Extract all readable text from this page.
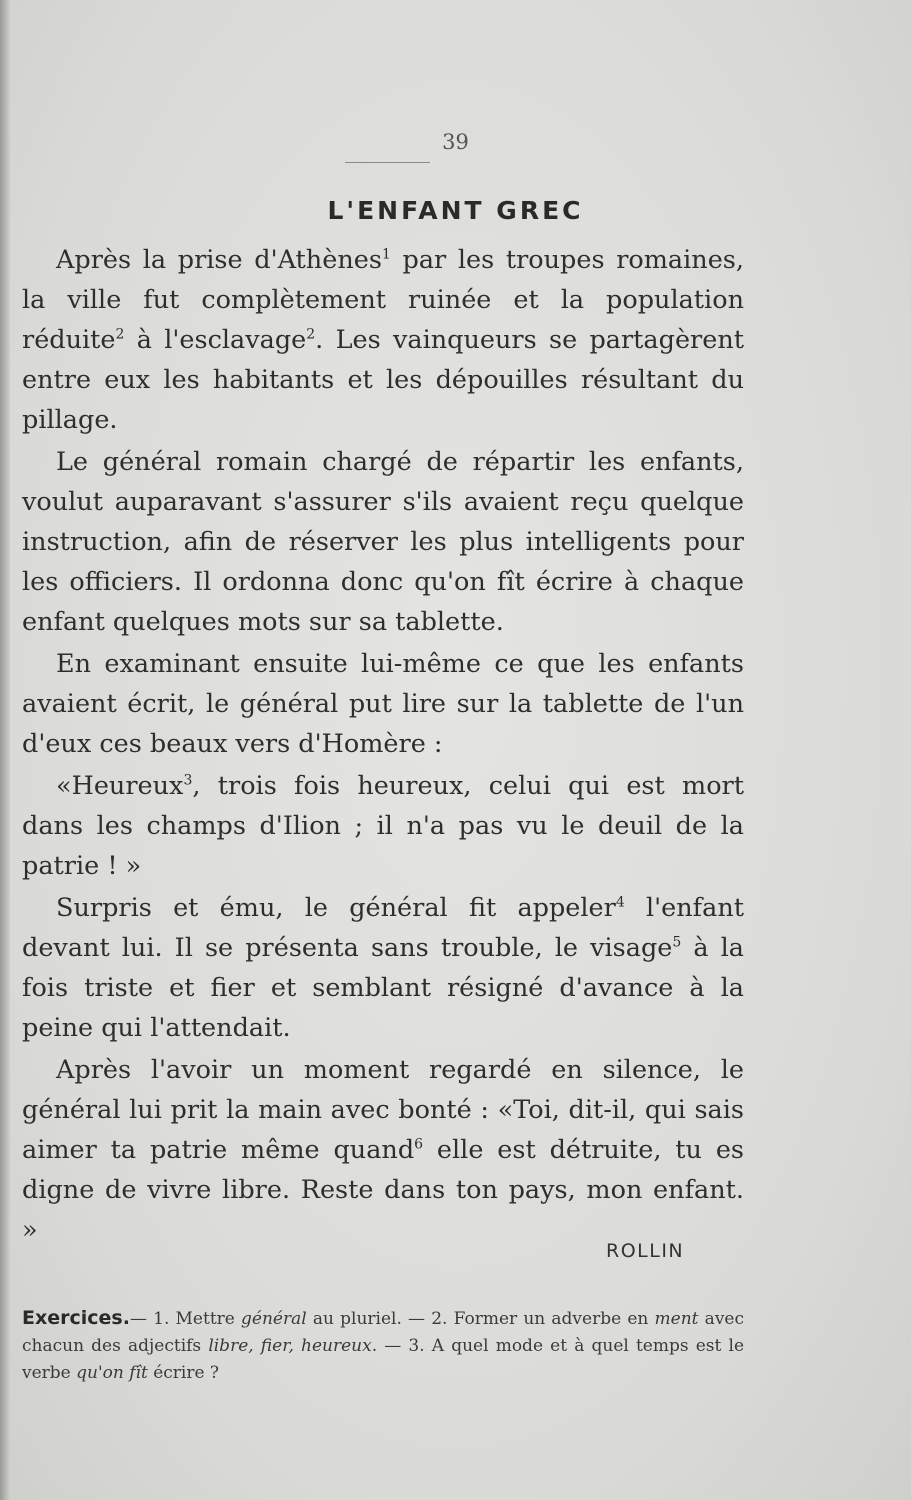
39
L'ENFANT GREC

Après la prise d'Athènes$^1$ par les troupes romaines, la ville fut complètement ruinée et la population réduite$^2$ à l'esclavage$^2$. Les vainqueurs se partagèrent entre eux les habitants et les dépouilles résultant du pillage.

Le général romain chargé de répartir les enfants, voulut auparavant s'assurer s'ils avaient reçu quelque instruction, afin de réserver les plus intelligents pour les officiers. Il ordonna donc qu'on fît écrire à chaque enfant quelques mots sur sa tablette.

En examinant ensuite lui-même ce que les enfants avaient écrit, le général put lire sur la tablette de l'un d'eux ces beaux vers d'Homère :

«Heureux$^3$, trois fois heureux, celui qui est mort dans les champs d'Ilion ; il n'a pas vu le deuil de la patrie ! »

Surpris et ému, le général fit appeler$^4$ l'enfant devant lui. Il se présenta sans trouble, le visage$^5$ à la fois triste et fier et semblant résigné d'avance à la peine qui l'attendait.

Après l'avoir un moment regardé en silence, le général lui prit la main avec bonté : «Toi, dit-il, qui sais aimer ta patrie même quand$^6$ elle est détruite, tu es digne de vivre libre. Reste dans ton pays, mon enfant. »

ROLLIN
Exercices.— 1. Mettre général au pluriel. — 2. Former un adverbe en ment avec chacun des adjectifs libre, fier, heureux. — 3. A quel mode et à quel temps est le verbe qu'on fît écrire ?
